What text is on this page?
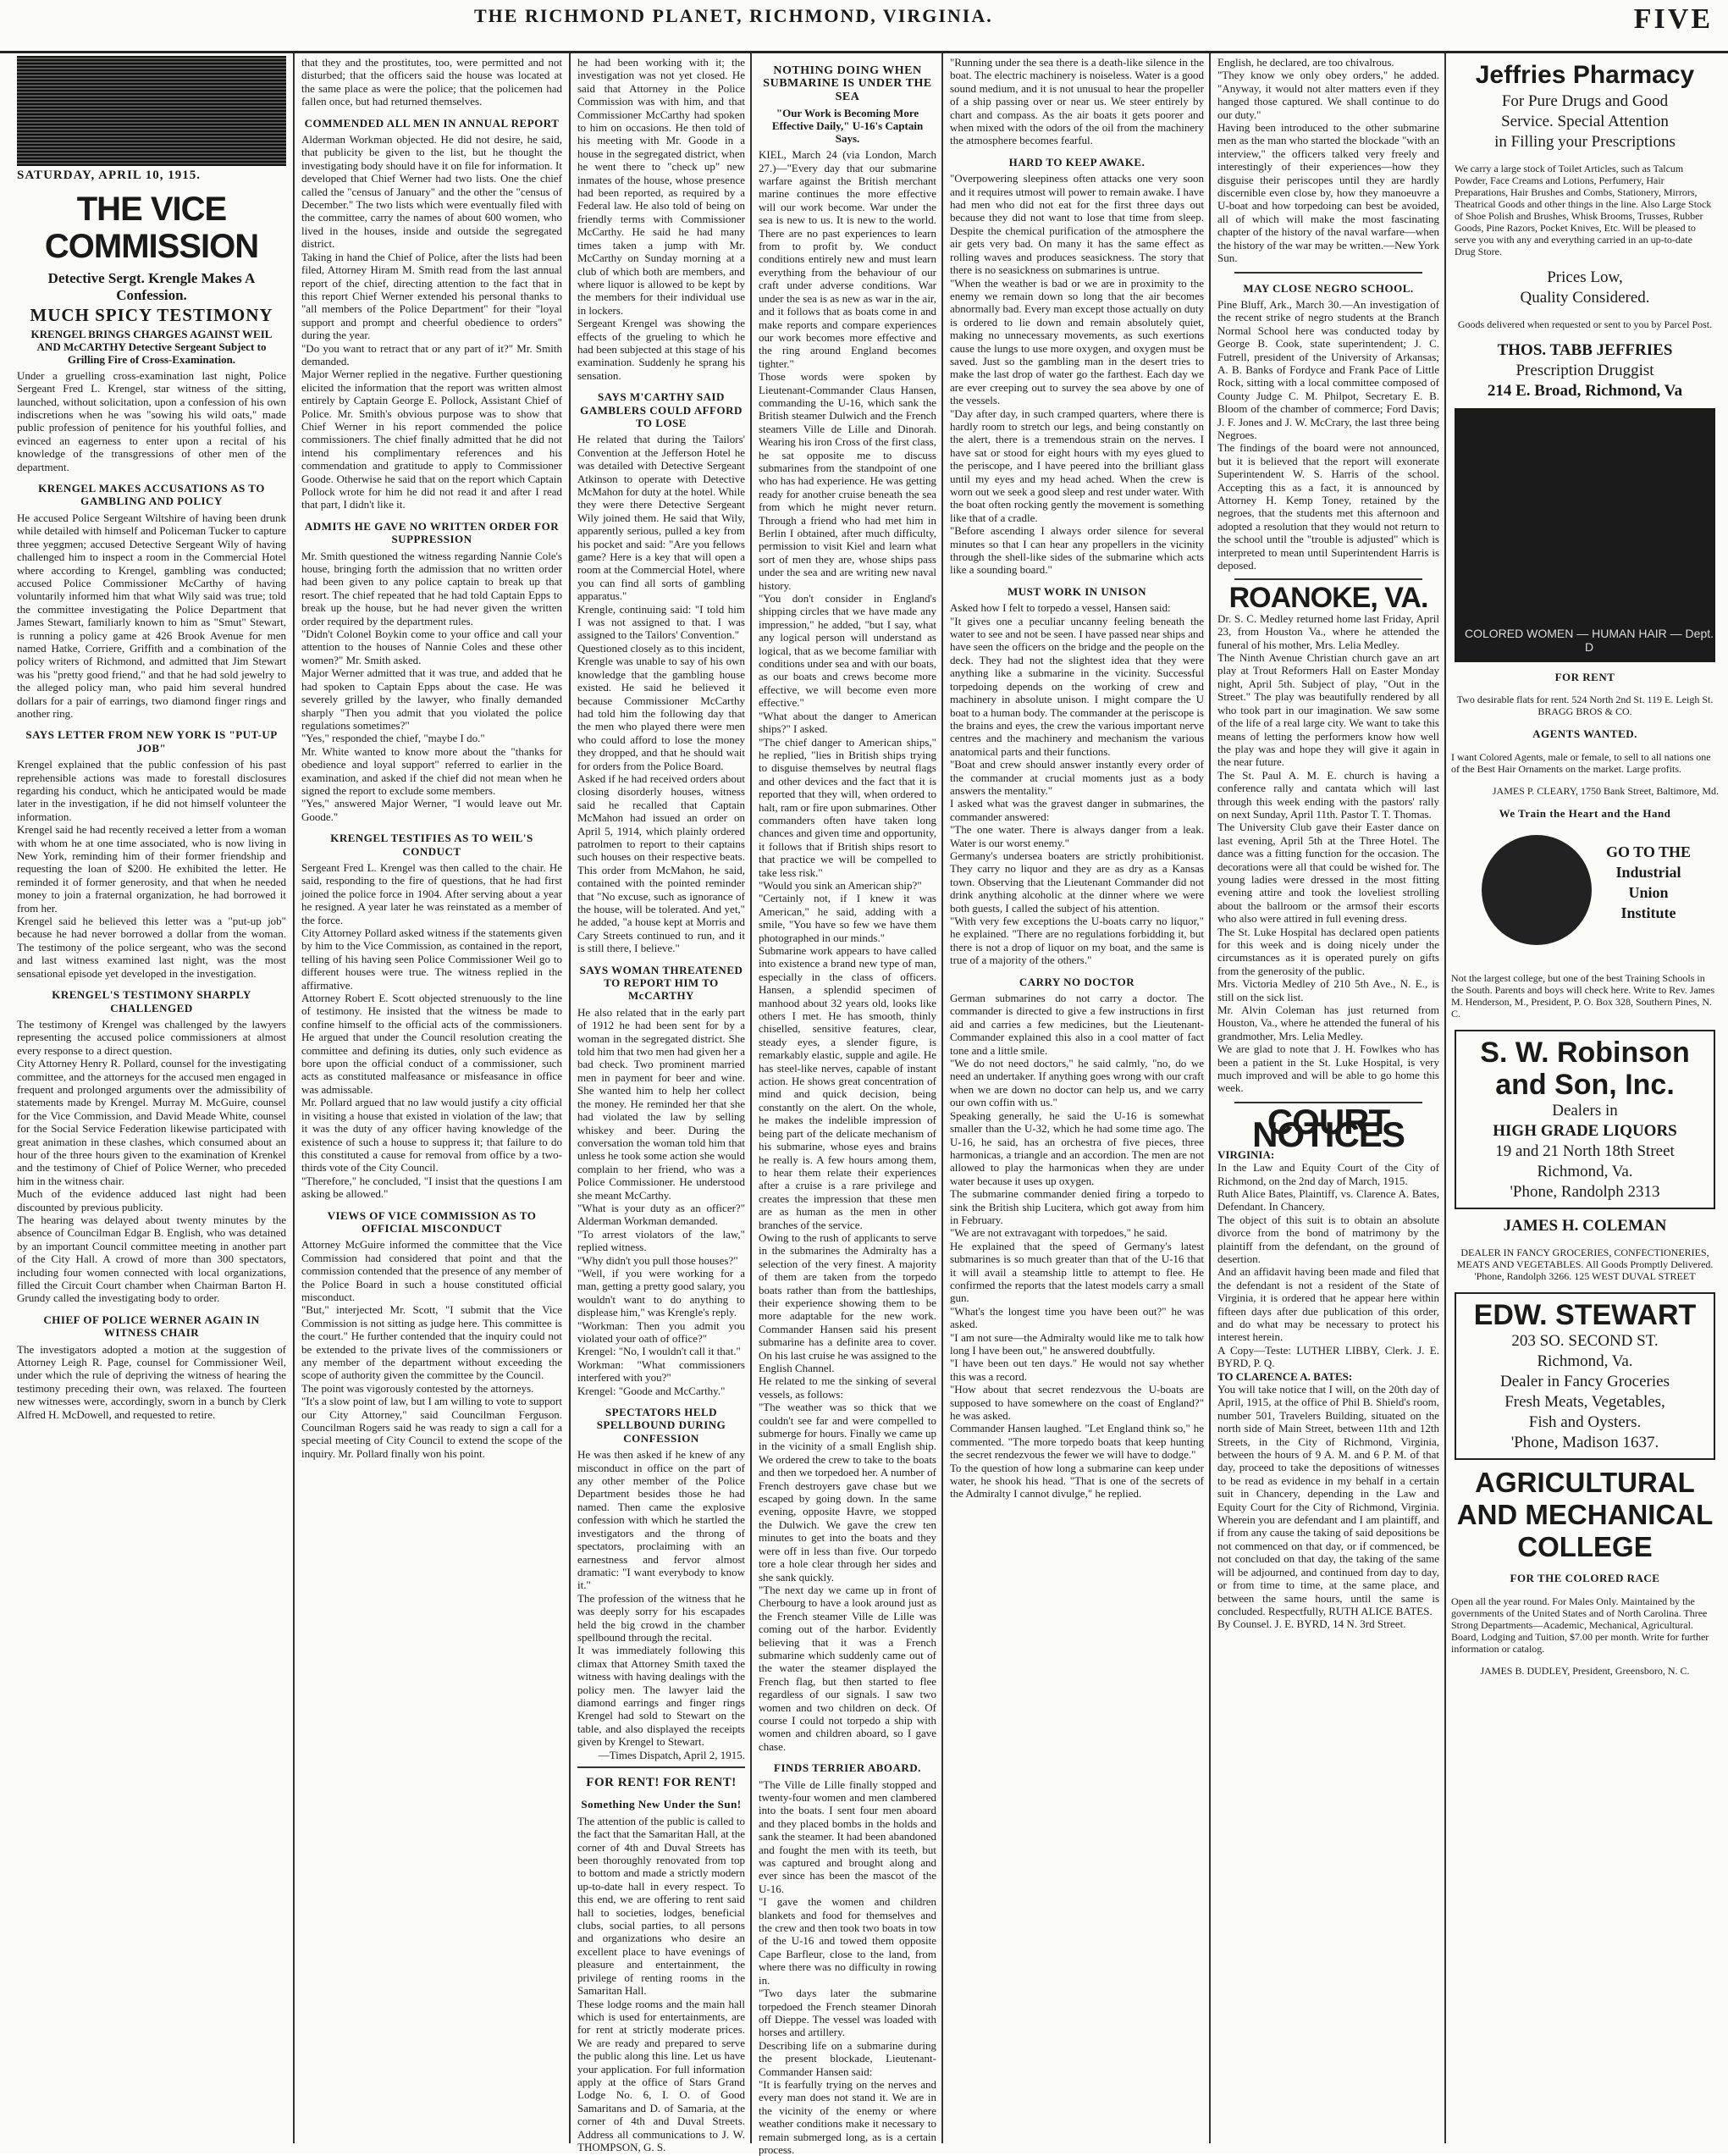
THE RICHMOND PLANET, RICHMOND, VIRGINIA.	FIVE
SATURDAY, APRIL 10, 1915.
THE VICE COMMISSION
Detective Sergt. Krengle Makes A Confession.
MUCH SPICY TESTIMONY
KRENGEL BRINGS CHARGES AGAINST WEIL AND McCARTHY Detective Sergeant Subject to Grilling Fire of Cross-Examination.

Under a gruelling cross-examination last night, Police Sergeant Fred L. Krengel, star witness of the sitting, launched, without solicitation, upon a confession of his own indiscretions when he was "sowing his wild oats," made public profession of penitence for his youthful follies, and evinced an eagerness to enter upon a recital of his knowledge of the transgressions of other men of the department.

KRENGEL MAKES ACCUSATIONS AS TO GAMBLING AND POLICY

He accused Police Sergeant Wiltshire of having been drunk while detailed with himself and Policeman Tucker to capture three yeggmen; accused Detective Sergeant Wily of having challenged him to inspect a room in the Commercial Hotel where according to Krengel, gambling was conducted; accused Police Commissioner McCarthy of having voluntarily informed him that what Wily said was true; told the committee investigating the Police Department that James Stewart, familiarly known to him as "Smut" Stewart, is running a policy game at 426 Brook Avenue for men named Hatke, Corriere, Griffith and a combination of the policy writers of Richmond, and admitted that Jim Stewart was his "pretty good friend," and that he had sold jewelry to the alleged policy man, who paid him several hundred dollars for a pair of earrings, two diamond finger rings and another ring.

SAYS LETTER FROM NEW YORK IS "PUT-UP JOB"

Krengel explained that the public confession of his past reprehensible actions was made to forestall disclosures regarding his conduct, which he anticipated would be made later in the investigation, if he did not himself volunteer the information.

Krengel said he had recently received a letter from a woman with whom he at one time associated, who is now living in New York, reminding him of their former friendship and requesting the loan of $200. He exhibited the letter. He reminded it of former generosity, and that when he needed money to join a fraternal organization, he had borrowed it from her.

Krengel said he believed this letter was a "put-up job" because he had never borrowed a dollar from the woman. The testimony of the police sergeant, who was the second and last witness examined last night, was the most sensational episode yet developed in the investigation.

KRENGEL'S TESTIMONY SHARPLY CHALLENGED

The testimony of Krengel was challenged by the lawyers representing the accused police commissioners at almost every response to a direct question.

City Attorney Henry R. Pollard, counsel for the investigating committee, and the attorneys for the accused men engaged in frequent and prolonged arguments over the admissibility of statements made by Krengel. Murray M. McGuire, counsel for the Vice Commission, and David Meade White, counsel for the Social Service Federation likewise participated with great animation in these clashes, which consumed about an hour of the three hours given to the examination of Krenkel and the testimony of Chief of Police Werner, who preceded him in the witness chair.

Much of the evidence adduced last night had been discounted by previous publicity.

The hearing was delayed about twenty minutes by the absence of Councilman Edgar B. English, who was detained by an important Council committee meeting in another part of the City Hall. A crowd of more than 300 spectators, including four women connected with local organizations, filled the Circuit Court chamber when Chairman Barton H. Grundy called the investigating body to order.

CHIEF OF POLICE WERNER AGAIN IN WITNESS CHAIR

The investigators adopted a motion at the suggestion of Attorney Leigh R. Page, counsel for Commissioner Weil, under which the rule of depriving the witness of hearing the testimony preceding their own, was relaxed. The fourteen new witnesses were, accordingly, sworn in a bunch by Clerk Alfred H. McDowell, and requested to retire.

that they and the prostitutes, too, were permitted and not disturbed; that the officers said the house was located at the same place as were the police; that the policemen had fallen once, but had returned themselves.

COMMENDED ALL MEN IN ANNUAL REPORT

Alderman Workman objected. He did not desire, he said, that publicity be given to the list, but he thought the investigating body should have it on file for information. It developed that Chief Werner had two lists. One the chief called the "census of January" and the other the "census of December." The two lists which were eventually filed with the committee, carry the names of about 600 women, who lived in the houses, inside and outside the segregated district.

Taking in hand the Chief of Police, after the lists had been filed, Attorney Hiram M. Smith read from the last annual report of the chief, directing attention to the fact that in this report Chief Werner extended his personal thanks to "all members of the Police Department" for their "loyal support and prompt and cheerful obedience to orders" during the year.

"Do you want to retract that or any part of it?" Mr. Smith demanded.

Major Werner replied in the negative. Further questioning elicited the information that the report was written almost entirely by Captain George E. Pollock, Assistant Chief of Police. Mr. Smith's obvious purpose was to show that Chief Werner in his report commended the police commissioners. The chief finally admitted that he did not intend his complimentary references and his commendation and gratitude to apply to Commissioner Goode. Otherwise he said that on the report which Captain Pollock wrote for him he did not read it and after I read that part, I didn't like it.

ADMITS HE GAVE NO WRITTEN ORDER FOR SUPPRESSION

Mr. Smith questioned the witness regarding Nannie Cole's house, bringing forth the admission that no written order had been given to any police captain to break up that resort. The chief repeated that he had told Captain Epps to break up the house, but he had never given the written order required by the department rules.

"Didn't Colonel Boykin come to your office and call your attention to the houses of Nannie Coles and these other women?" Mr. Smith asked.

Major Werner admitted that it was true, and added that he had spoken to Captain Epps about the case. He was severely grilled by the lawyer, who finally demanded sharply "Then you admit that you violated the police regulations sometimes?"

"Yes," responded the chief, "maybe I do."

Mr. White wanted to know more about the "thanks for obedience and loyal support" referred to earlier in the examination, and asked if the chief did not mean when he signed the report to exclude some members.

"Yes," answered Major Werner, "I would leave out Mr. Goode."

KRENGEL TESTIFIES AS TO WEIL'S CONDUCT

Sergeant Fred L. Krengel was then called to the chair. He said, responding to the fire of questions, that he had first joined the police force in 1904. After serving about a year he resigned. A year later he was reinstated as a member of the force.

City Attorney Pollard asked witness if the statements given by him to the Vice Commission, as contained in the report, telling of his having seen Police Commissioner Weil go to different houses were true. The witness replied in the affirmative.

Attorney Robert E. Scott objected strenuously to the line of testimony. He insisted that the witness be made to confine himself to the official acts of the commissioners. He argued that under the Council resolution creating the committee and defining its duties, only such evidence as bore upon the official conduct of a commissioner, such acts as constituted malfeasance or misfeasance in office was admissable.

Mr. Pollard argued that no law would justify a city official in visiting a house that existed in violation of the law; that it was the duty of any officer having knowledge of the existence of such a house to suppress it; that failure to do this constituted a cause for removal from office by a two-thirds vote of the City Council.

"Therefore," he concluded, "I insist that the questions I am asking be allowed."

VIEWS OF VICE COMMISSION AS TO OFFICIAL MISCONDUCT

Attorney McGuire informed the committee that the Vice Commission had considered that point and that the commission contended that the presence of any member of the Police Board in such a house constituted official misconduct.

"But," interjected Mr. Scott, "I submit that the Vice Commission is not sitting as judge here. This committee is the court." He further contended that the inquiry could not be extended to the private lives of the commissioners or any member of the department without exceeding the scope of authority given the committee by the Council.

The point was vigorously contested by the attorneys.

"It's a slow point of law, but I am willing to vote to support our City Attorney," said Councilman Ferguson. Councilman Rogers said he was ready to sign a call for a special meeting of City Council to extend the scope of the inquiry. Mr. Pollard finally won his point.

he had been working with it; the investigation was not yet closed. He said that Attorney in the Police Commission was with him, and that Commissioner McCarthy had spoken to him on occasions. He then told of his meeting with Mr. Goode in a house in the segregated district, when he went there to "check up" new inmates of the house, whose presence had been reported, as required by a Federal law. He also told of being on friendly terms with Commissioner McCarthy. He said he had many times taken a jump with Mr. McCarthy on Sunday morning at a club of which both are members, and where liquor is allowed to be kept by the members for their individual use in lockers.

Sergeant Krengel was showing the effects of the grueling to which he had been subjected at this stage of his examination. Suddenly he sprang his sensation.

SAYS M'CARTHY SAID GAMBLERS COULD AFFORD TO LOSE

He related that during the Tailors' Convention at the Jefferson Hotel he was detailed with Detective Sergeant Atkinson to operate with Detective McMahon for duty at the hotel. While they were there Detective Sergeant Wily joined them. He said that Wily, apparently serious, pulled a key from his pocket and said: "Are you fellows game? Here is a key that will open a room at the Commercial Hotel, where you can find all sorts of gambling apparatus."

Krengle, continuing said: "I told him I was not assigned to that. I was assigned to the Tailors' Convention."

Questioned closely as to this incident, Krengle was unable to say of his own knowledge that the gambling house existed. He said he believed it because Commissioner McCarthy had told him the following day that the men who played there were men who could afford to lose the money they dropped, and that he should wait for orders from the Police Board.

Asked if he had received orders about closing disorderly houses, witness said he recalled that Captain McMahon had issued an order on April 5, 1914, which plainly ordered patrolmen to report to their captains such houses on their respective beats. This order from McMahon, he said, contained with the pointed reminder that "No excuse, such as ignorance of the house, will be tolerated. And yet," he added, "a house kept at Morris and Cary Streets continued to run, and it is still there, I believe."

SAYS WOMAN THREATENED TO REPORT HIM TO McCARTHY

He also related that in the early part of 1912 he had been sent for by a woman in the segregated district. She told him that two men had given her a bad check. Two prominent married men in payment for beer and wine. She wanted him to help her collect the money. He reminded her that she had violated the law by selling whiskey and beer. During the conversation the woman told him that unless he took some action she would complain to her friend, who was a Police Commissioner. He understood she meant McCarthy.

"What is your duty as an officer?" Alderman Workman demanded.

"To arrest violators of the law," replied witness.

"Why didn't you pull those houses?"

"Well, if you were working for a man, getting a pretty good salary, you wouldn't want to do anything to displease him," was Krengle's reply.

"Workman: Then you admit you violated your oath of office?"

Krengel: "No, I wouldn't call it that."

Workman: "What commissioners interfered with you?"

Krengel: "Goode and McCarthy."

SPECTATORS HELD SPELLBOUND DURING CONFESSION

He was then asked if he knew of any misconduct in office on the part of any other member of the Police Department besides those he had named. Then came the explosive confession with which he startled the investigators and the throng of spectators, proclaiming with an earnestness and fervor almost dramatic: "I want everybody to know it."

The profession of the witness that he was deeply sorry for his escapades held the big crowd in the chamber spellbound through the recital.

It was immediately following this climax that Attorney Smith taxed the witness with having dealings with the policy men. The lawyer laid the diamond earrings and finger rings Krengel had sold to Stewart on the table, and also displayed the receipts given by Krengel to Stewart.

—Times Dispatch, April 2, 1915.

FOR RENT! FOR RENT!
Something New Under the Sun!

The attention of the public is called to the fact that the Samaritan Hall, at the corner of 4th and Duval Streets has been thoroughly renovated from top to bottom and made a strictly modern up-to-date hall in every respect. To this end, we are offering to rent said hall to societies, lodges, beneficial clubs, social parties, to all persons and organizations who desire an excellent place to have evenings of pleasure and entertainment, the privilege of renting rooms in the Samaritan Hall.

These lodge rooms and the main hall which is used for entertainments, are for rent at strictly moderate prices. We are ready and prepared to serve the public along this line. Let us have your application. For full information apply at the office of Stars Grand Lodge No. 6, I. O. of Good Samaritans and D. of Samaria, at the corner of 4th and Duval Streets. Address all communications to J. W. THOMPSON, G. S.

NOTHING DOING WHEN SUBMARINE IS UNDER THE SEA
"Our Work is Becoming More Effective Daily," U-16's Captain Says.

KIEL, March 24 (via London, March 27.)—"Every day that our submarine warfare against the British merchant marine continues the more effective will our work become. War under the sea is new to us. It is new to the world. There are no past experiences to learn from to profit by. We conduct conditions entirely new and must learn everything from the behaviour of our craft under adverse conditions. War under the sea is as new as war in the air, and it follows that as boats come in and make reports and compare experiences our work becomes more effective and the ring around England becomes tighter."

Those words were spoken by Lieutenant-Commander Claus Hansen, commanding the U-16, which sank the British steamer Dulwich and the French steamers Ville de Lille and Dinorah. Wearing his iron Cross of the first class, he sat opposite me to discuss submarines from the standpoint of one who has had experience. He was getting ready for another cruise beneath the sea from which he might never return. Through a friend who had met him in Berlin I obtained, after much difficulty, permission to visit Kiel and learn what sort of men they are, whose ships pass under the sea and are writing new naval history.

"You don't consider in England's shipping circles that we have made any impression," he added, "but I say, what any logical person will understand as logical, that as we become familiar with conditions under sea and with our boats, as our boats and crews become more effective, we will become even more effective."

"What about the danger to American ships?" I asked.

"The chief danger to American ships," he replied, "lies in British ships trying to disguise themselves by neutral flags and other devices and the fact that it is reported that they will, when ordered to halt, ram or fire upon submarines. Other commanders often have taken long chances and given time and opportunity, it follows that if British ships resort to that practice we will be compelled to take less risk."

"Would you sink an American ship?"

"Certainly not, if I knew it was American," he said, adding with a smile, "You have so few we have them photographed in our minds."

Submarine work appears to have called into existence a brand new type of man, especially in the class of officers. Hansen, a splendid specimen of manhood about 32 years old, looks like others I met. He has smooth, thinly chiselled, sensitive features, clear, steady eyes, a slender figure, is remarkably elastic, supple and agile. He has steel-like nerves, capable of instant action. He shows great concentration of mind and quick decision, being constantly on the alert. On the whole, he makes the indelible impression of being part of the delicate mechanism of his submarine, whose eyes and brains he really is. A few hours among them, to hear them relate their experiences after a cruise is a rare privilege and creates the impression that these men are as human as the men in other branches of the service.

Owing to the rush of applicants to serve in the submarines the Admiralty has a selection of the very finest. A majority of them are taken from the torpedo boats rather than from the battleships, their experience showing them to be more adaptable for the new work. Commander Hansen said his present submarine has a definite area to cover. On his last cruise he was assigned to the English Channel.

He related to me the sinking of several vessels, as follows:

"The weather was so thick that we couldn't see far and were compelled to submerge for hours. Finally we came up in the vicinity of a small English ship. We ordered the crew to take to the boats and then we torpedoed her. A number of French destroyers gave chase but we escaped by going down. In the same evening, opposite Havre, we stopped the Dulwich. We gave the crew ten minutes to get into the boats and they were off in less than five. Our torpedo tore a hole clear through her sides and she sank quickly.

"The next day we came up in front of Cherbourg to have a look around just as the French steamer Ville de Lille was coming out of the harbor. Evidently believing that it was a French submarine which suddenly came out of the water the steamer displayed the French flag, but then started to flee regardless of our signals. I saw two women and two children on deck. Of course I could not torpedo a ship with women and children aboard, so I gave chase.

FINDS TERRIER ABOARD.

"The Ville de Lille finally stopped and twenty-four women and men clambered into the boats. I sent four men aboard and they placed bombs in the holds and sank the steamer. It had been abandoned and fought the men with its teeth, but was captured and brought along and ever since has been the mascot of the U-16.

"I gave the women and children blankets and food for themselves and the crew and then took two boats in tow of the U-16 and towed them opposite Cape Barfleur, close to the land, from where there was no difficulty in rowing in.

"Two days later the submarine torpedoed the French steamer Dinorah off Dieppe. The vessel was loaded with horses and artillery.

Describing life on a submarine during the present blockade, Lieutenant-Commander Hansen said:

"It is fearfully trying on the nerves and every man does not stand it. We are in the vicinity of the enemy or where weather conditions make it necessary to remain submerged long, as is a certain process.

"Running under the sea there is a death-like silence in the boat. The electric machinery is noiseless. Water is a good sound medium, and it is not unusual to hear the propeller of a ship passing over or near us. We steer entirely by chart and compass. As the air boats it gets poorer and when mixed with the odors of the oil from the machinery the atmosphere becomes fearful.

HARD TO KEEP AWAKE.

"Overpowering sleepiness often attacks one very soon and it requires utmost will power to remain awake. I have had men who did not eat for the first three days out because they did not want to lose that time from sleep. Despite the chemical purification of the atmosphere the air gets very bad. On many it has the same effect as rolling waves and produces seasickness. The story that there is no seasickness on submarines is untrue.

"When the weather is bad or we are in proximity to the enemy we remain down so long that the air becomes abnormally bad. Every man except those actually on duty is ordered to lie down and remain absolutely quiet, making no unnecessary movements, as such exertions cause the lungs to use more oxygen, and oxygen must be saved. Just so the gambling man in the desert tries to make the last drop of water go the farthest. Each day we are ever creeping out to survey the sea above by one of the vessels.

"Day after day, in such cramped quarters, where there is hardly room to stretch our legs, and being constantly on the alert, there is a tremendous strain on the nerves. I have sat or stood for eight hours with my eyes glued to the periscope, and I have peered into the brilliant glass until my eyes and my head ached. When the crew is worn out we seek a good sleep and rest under water. With the boat often rocking gently the movement is something like that of a cradle.

"Before ascending I always order silence for several minutes so that I can hear any propellers in the vicinity through the shell-like sides of the submarine which acts like a sounding board."

MUST WORK IN UNISON

Asked how I felt to torpedo a vessel, Hansen said:

"It gives one a peculiar uncanny feeling beneath the water to see and not be seen. I have passed near ships and have seen the officers on the bridge and the people on the deck. They had not the slightest idea that they were anything like a submarine in the vicinity. Successful torpedoing depends on the working of crew and machinery in absolute unison. I might compare the U boat to a human body. The commander at the periscope is the brains and eyes, the crew the various important nerve centres and the machinery and mechanism the various anatomical parts and their functions.

"Boat and crew should answer instantly every order of the commander at crucial moments just as a body answers the mentality."

I asked what was the gravest danger in submarines, the commander answered:

"The one water. There is always danger from a leak. Water is our worst enemy."

Germany's undersea boaters are strictly prohibitionist. They carry no liquor and they are as dry as a Kansas town. Observing that the Lieutenant Commander did not drink anything alcoholic at the dinner where we were both guests, I called the subject of his attention.

"With very few exceptions the U-boats carry no liquor," he explained. "There are no regulations forbidding it, but there is not a drop of liquor on my boat, and the same is true of a majority of the others."

CARRY NO DOCTOR

German submarines do not carry a doctor. The commander is directed to give a few instructions in first aid and carries a few medicines, but the Lieutenant-Commander explained this also in a cool matter of fact tone and a little smile.

"We do not need doctors," he said calmly, "no, do we need an undertaker. If anything goes wrong with our craft when we are down no doctor can help us, and we carry our own coffin with us."

Speaking generally, he said the U-16 is somewhat smaller than the U-32, which he had some time ago. The U-16, he said, has an orchestra of five pieces, three harmonicas, a triangle and an accordion. The men are not allowed to play the harmonicas when they are under water because it uses up oxygen.

The submarine commander denied firing a torpedo to sink the British ship Lucitera, which got away from him in February.

"We are not extravagant with torpedoes," he said.

He explained that the speed of Germany's latest submarines is so much greater than that of the U-16 that it will avail a steamship little to attempt to flee. He confirmed the reports that the latest models carry a small gun.

"What's the longest time you have been out?" he was asked.

"I am not sure—the Admiralty would like me to talk how long I have been out," he answered doubtfully.

"I have been out ten days." He would not say whether this was a record.

"How about that secret rendezvous the U-boats are supposed to have somewhere on the coast of England?" he was asked.

Commander Hansen laughed. "Let England think so," he commented. "The more torpedo boats that keep hunting the secret rendezvous the fewer we will have to dodge."

To the question of how long a submarine can keep under water, he shook his head. "That is one of the secrets of the Admiralty I cannot divulge," he replied.

English, he declared, are too chivalrous.

"They know we only obey orders," he added. "Anyway, it would not alter matters even if they hanged those captured. We shall continue to do our duty."

Having been introduced to the other submarine men as the man who started the blockade "with an interview," the officers talked very freely and interestingly of their experiences—how they disguise their periscopes until they are hardly discernible even close by, how they manoeuvre a U-boat and how torpedoing can best be avoided, all of which will make the most fascinating chapter of the history of the naval warfare—when the history of the war may be written.—New York Sun.

MAY CLOSE NEGRO SCHOOL.

Pine Bluff, Ark., March 30.—An investigation of the recent strike of negro students at the Branch Normal School here was conducted today by George B. Cook, state superintendent; J. C. Futrell, president of the University of Arkansas; A. B. Banks of Fordyce and Frank Pace of Little Rock, sitting with a local committee composed of County Judge C. M. Philpot, Secretary E. B. Bloom of the chamber of commerce; Ford Davis; J. F. Jones and J. W. McCrary, the last three being Negroes.

The findings of the board were not announced, but it is believed that the report will exonerate Superintendent W. S. Harris of the school. Accepting this as a fact, it is announced by Attorney H. Kemp Toney, retained by the negroes, that the students met this afternoon and adopted a resolution that they would not return to the school until the "trouble is adjusted" which is interpreted to mean until Superintendent Harris is deposed.

ROANOKE, VA.

Dr. S. C. Medley returned home last Friday, April 23, from Houston Va., where he attended the funeral of his mother, Mrs. Lelia Medley.

The Ninth Avenue Christian church gave an art play at Trout Reformers Hall on Easter Monday night, April 5th. Subject of play, "Out in the Street." The play was beautifully rendered by all who took part in our imagination. We saw some of the life of a real large city. We want to take this means of letting the performers know how well the play was and hope they will give it again in the near future.

The St. Paul A. M. E. church is having a conference rally and cantata which will last through this week ending with the pastors' rally on next Sunday, April 11th. Pastor T. T. Thomas.

The University Club gave their Easter dance on last evening, April 5th at the Three Hotel. The dance was a fitting function for the occasion. The decorations were all that could be wished for. The young ladies were dressed in the most fitting evening attire and took the loveliest strolling about the ballroom or the armsof their escorts who also were attired in full evening dress.

The St. Luke Hospital has declared open patients for this week and is doing nicely under the circumstances as it is operated purely on gifts from the generosity of the public.

Mrs. Victoria Medley of 210 5th Ave., N. E., is still on the sick list.

Mr. Alvin Coleman has just returned from Houston, Va., where he attended the funeral of his grandmother, Mrs. Lelia Medley.

We are glad to note that J. H. Fowlkes who has been a patient in the St. Luke Hospital, is very much improved and will be able to go home this week.

COURT NOTICES

VIRGINIA:

In the Law and Equity Court of the City of Richmond, on the 2nd day of March, 1915.

Ruth Alice Bates, Plaintiff, vs. Clarence A. Bates, Defendant. In Chancery.

The object of this suit is to obtain an absolute divorce from the bond of matrimony by the plaintiff from the defendant, on the ground of desertion.

And an affidavit having been made and filed that the defendant is not a resident of the State of Virginia, it is ordered that he appear here within fifteen days after due publication of this order, and do what may be necessary to protect his interest herein.

A Copy—Teste: LUTHER LIBBY, Clerk. J. E. BYRD, P. Q.

TO CLARENCE A. BATES:

You will take notice that I will, on the 20th day of April, 1915, at the office of Phil B. Shield's room, number 501, Travelers Building, situated on the north side of Main Street, between 11th and 12th Streets, in the City of Richmond, Virginia, between the hours of 9 A. M. and 6 P. M. of that day, proceed to take the depositions of witnesses to be read as evidence in my behalf in a certain suit in Chancery, depending in the Law and Equity Court for the City of Richmond, Virginia. Wherein you are defendant and I am plaintiff, and if from any cause the taking of said depositions be not commenced on that day, or if commenced, be not concluded on that day, the taking of the same will be adjourned, and continued from day to day, or from time to time, at the same place, and between the same hours, until the same is concluded. Respectfully, RUTH ALICE BATES.

By Counsel. J. E. BYRD, 14 N. 3rd Street.

Jeffries Pharmacy
For Pure Drugs and Good
Service. Special Attention
in Filling your Prescriptions

We carry a large stock of Toilet Articles, such as Talcum Powder, Face Creams and Lotions, Perfumery, Hair Preparations, Hair Brushes and Combs, Stationery, Mirrors, Theatrical Goods and other things in the line. Also Large Stock of Shoe Polish and Brushes, Whisk Brooms, Trusses, Rubber Goods, Pine Razors, Pocket Knives, Etc. Will be pleased to serve you with any and everything carried in an up-to-date Drug Store.

Prices Low,
Quality Considered.

Goods delivered when requested or sent to you by Parcel Post.

THOS. TABB JEFFRIES
Prescription Druggist
214 E. Broad, Richmond, Va
COLORED WOMEN — HUMAN HAIR — Dept. D
FOR RENT

Two desirable flats for rent. 524 North 2nd St. 119 E. Leigh St. BRAGG BROS & CO.

AGENTS WANTED.

I want Colored Agents, male or female, to sell to all nations one of the Best Hair Ornaments on the market. Large profits.

JAMES P. CLEARY, 1750 Bank Street, Baltimore, Md.

We Train the Heart and the Hand
GO TO THE Industrial Union Institute

Not the largest college, but one of the best Training Schools in the South. Parents and boys will check here. Write to Rev. James M. Henderson, M., President, P. O. Box 328, Southern Pines, N. C.

S. W. Robinson and Son, Inc.
Dealers in
HIGH GRADE LIQUORS
19 and 21 North 18th Street
Richmond, Va.
'Phone, Randolph 2313
JAMES H. COLEMAN

DEALER IN FANCY GROCERIES, CONFECTIONERIES, MEATS AND VEGETABLES. All Goods Promptly Delivered. 'Phone, Randolph 3266. 125 WEST DUVAL STREET

EDW. STEWART
203 SO. SECOND ST.
Richmond, Va.
Dealer in Fancy Groceries
Fresh Meats, Vegetables,
Fish and Oysters.
'Phone, Madison 1637.
AGRICULTURAL AND MECHANICAL COLLEGE
FOR THE COLORED RACE

Open all the year round. For Males Only. Maintained by the governments of the United States and of North Carolina. Three Strong Departments—Academic, Mechanical, Agricultural. Board, Lodging and Tuition, $7.00 per month. Write for further information or catalog.

JAMES B. DUDLEY, President, Greensboro, N. C.
